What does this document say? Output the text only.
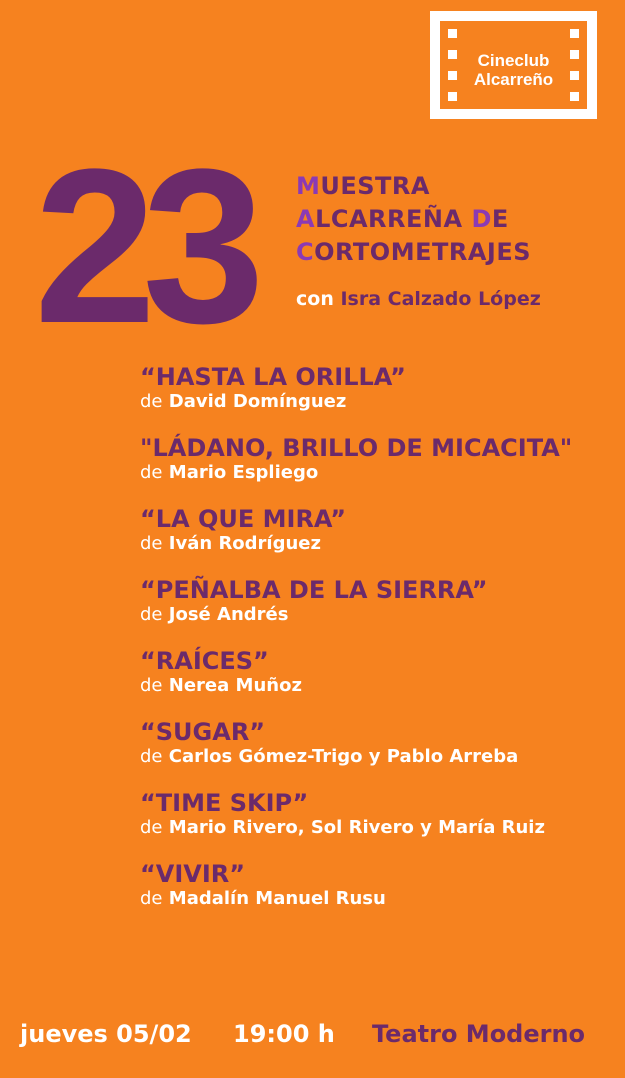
Cineclub
Alcarreño
23 MUESTRA
ALCARREÑA DE
CORTOMETRAJES
con Isra Calzado López
“HASTA LA ORILLA”
de David Domínguez
"LÁDANO, BRILLO DE MICACITA"
de Mario Espliego
“LA QUE MIRA”
de Iván Rodríguez
“PEÑALBA DE LA SIERRA”
de José Andrés
“RAÍCES”
de Nerea Muñoz
“SUGAR”
de Carlos Gómez-Trigo y Pablo Arreba
“TIME SKIP”
de Mario Rivero, Sol Rivero y María Ruiz
“VIVIR”
de Madalín Manuel Rusu
jueves 05/02 19:00 h Teatro Moderno
